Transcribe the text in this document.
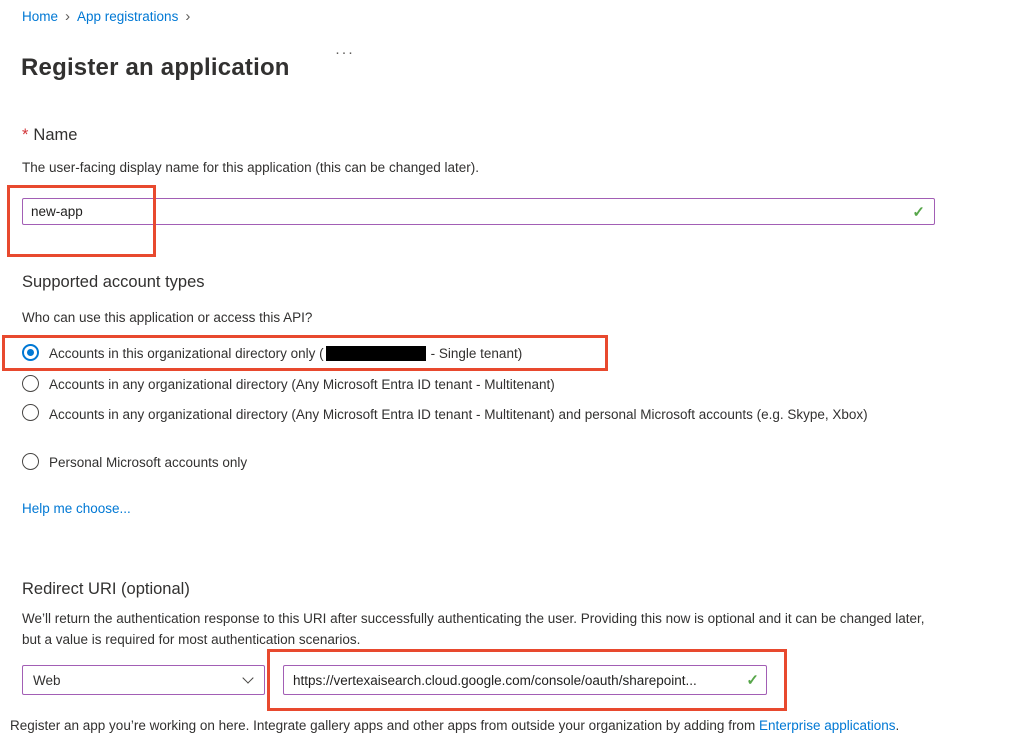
Home › App registrations ›
Register an application
···
* Name
The user-facing display name for this application (this can be changed later).
new-app
✓
Supported account types
Who can use this application or access this API?
Accounts in this organizational directory only (	- Single tenant)
Accounts in any organizational directory (Any Microsoft Entra ID tenant - Multitenant)
Accounts in any organizational directory (Any Microsoft Entra ID tenant - Multitenant) and personal Microsoft accounts (e.g. Skype, Xbox)
Personal Microsoft accounts only
Help me choose...
Redirect URI (optional)
We’ll return the authentication response to this URI after successfully authenticating the user. Providing this now is optional and it can be changed later, but a value is required for most authentication scenarios.
Web
https://vertexaisearch.cloud.google.com/console/oauth/sharepoint...	✓
Register an app you’re working on here. Integrate gallery apps and other apps from outside your organization by adding from Enterprise applications.
